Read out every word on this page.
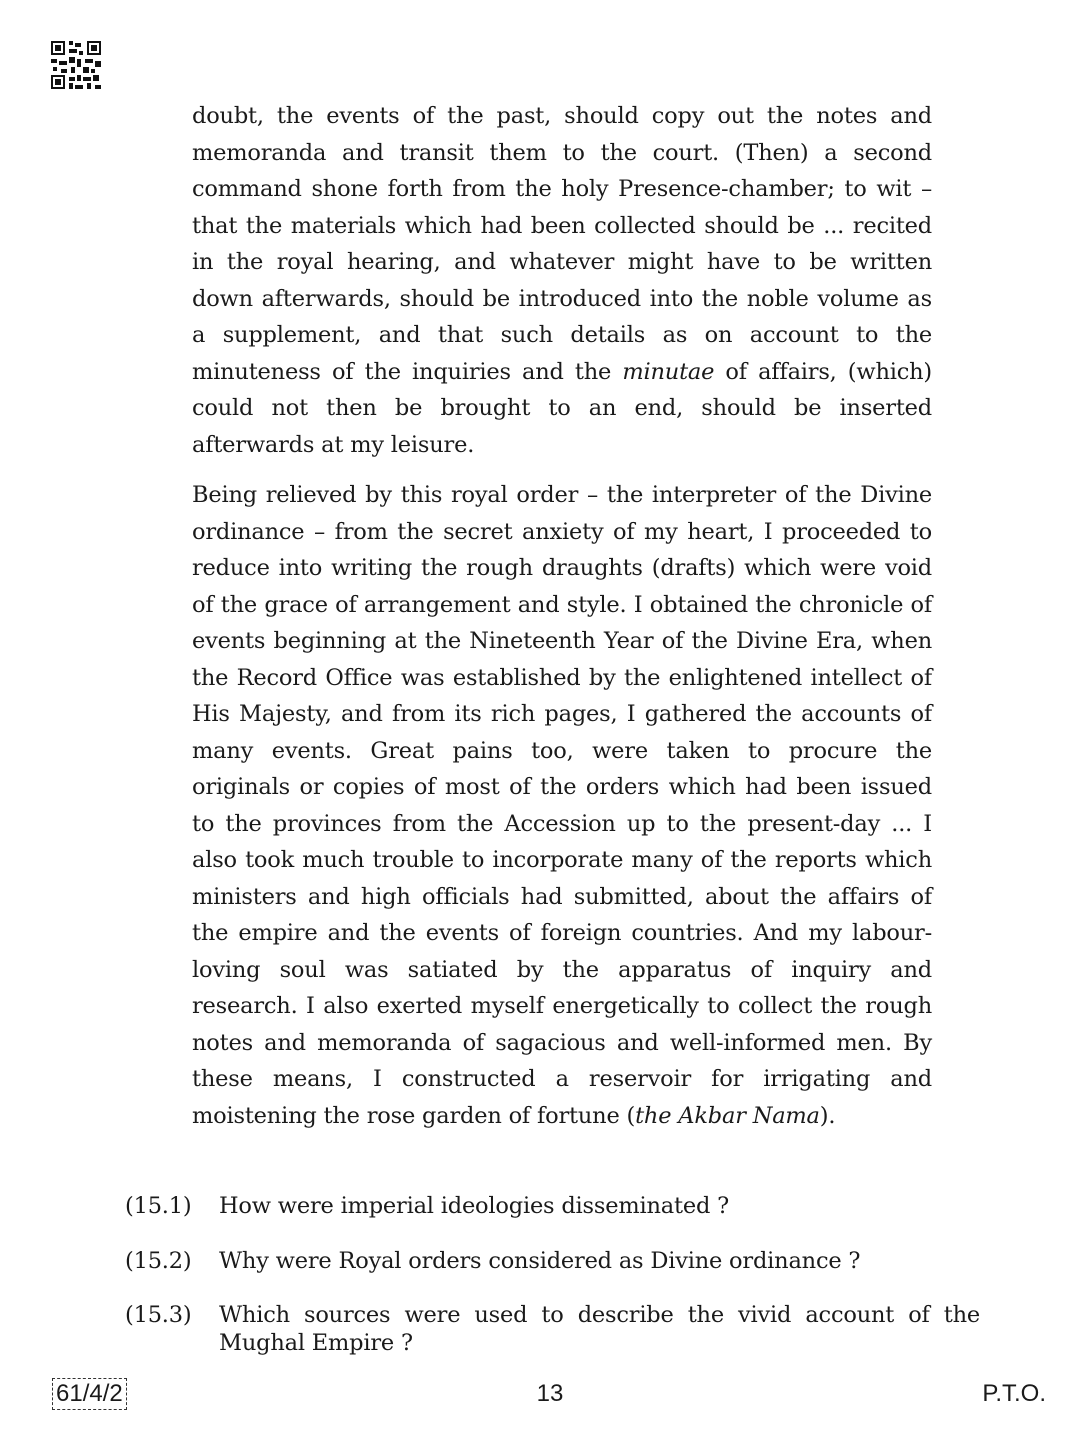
doubt, the events of the past, should copy out the notes and memoranda and transit them to the court. (Then) a second command shone forth from the holy Presence-chamber; to wit – that the materials which had been collected should be ... recited in the royal hearing, and whatever might have to be written down afterwards, should be introduced into the noble volume as a supplement, and that such details as on account to the minuteness of the inquiries and the minutae of affairs, (which) could not then be brought to an end, should be inserted afterwards at my leisure.

Being relieved by this royal order – the interpreter of the Divine ordinance – from the secret anxiety of my heart, I proceeded to reduce into writing the rough draughts (drafts) which were void of the grace of arrangement and style. I obtained the chronicle of events beginning at the Nineteenth Year of the Divine Era, when the Record Office was established by the enlightened intellect of His Majesty, and from its rich pages, I gathered the accounts of many events. Great pains too, were taken to procure the originals or copies of most of the orders which had been issued to the provinces from the Accession up to the present-day ... I also took much trouble to incorporate many of the reports which ministers and high officials had submitted, about the affairs of the empire and the events of foreign countries. And my labour-loving soul was satiated by the apparatus of inquiry and research. I also exerted myself energetically to collect the rough notes and memoranda of sagacious and well-informed men. By these means, I constructed a reservoir for irrigating and moistening the rose garden of fortune (the Akbar Nama).

(15.1)	How were imperial ideologies disseminated ?
(15.2)	Why were Royal orders considered as Divine ordinance ?
(15.3)	Which sources were used to describe the vivid account of the Mughal Empire ?
61/4/2	13	P.T.O.
